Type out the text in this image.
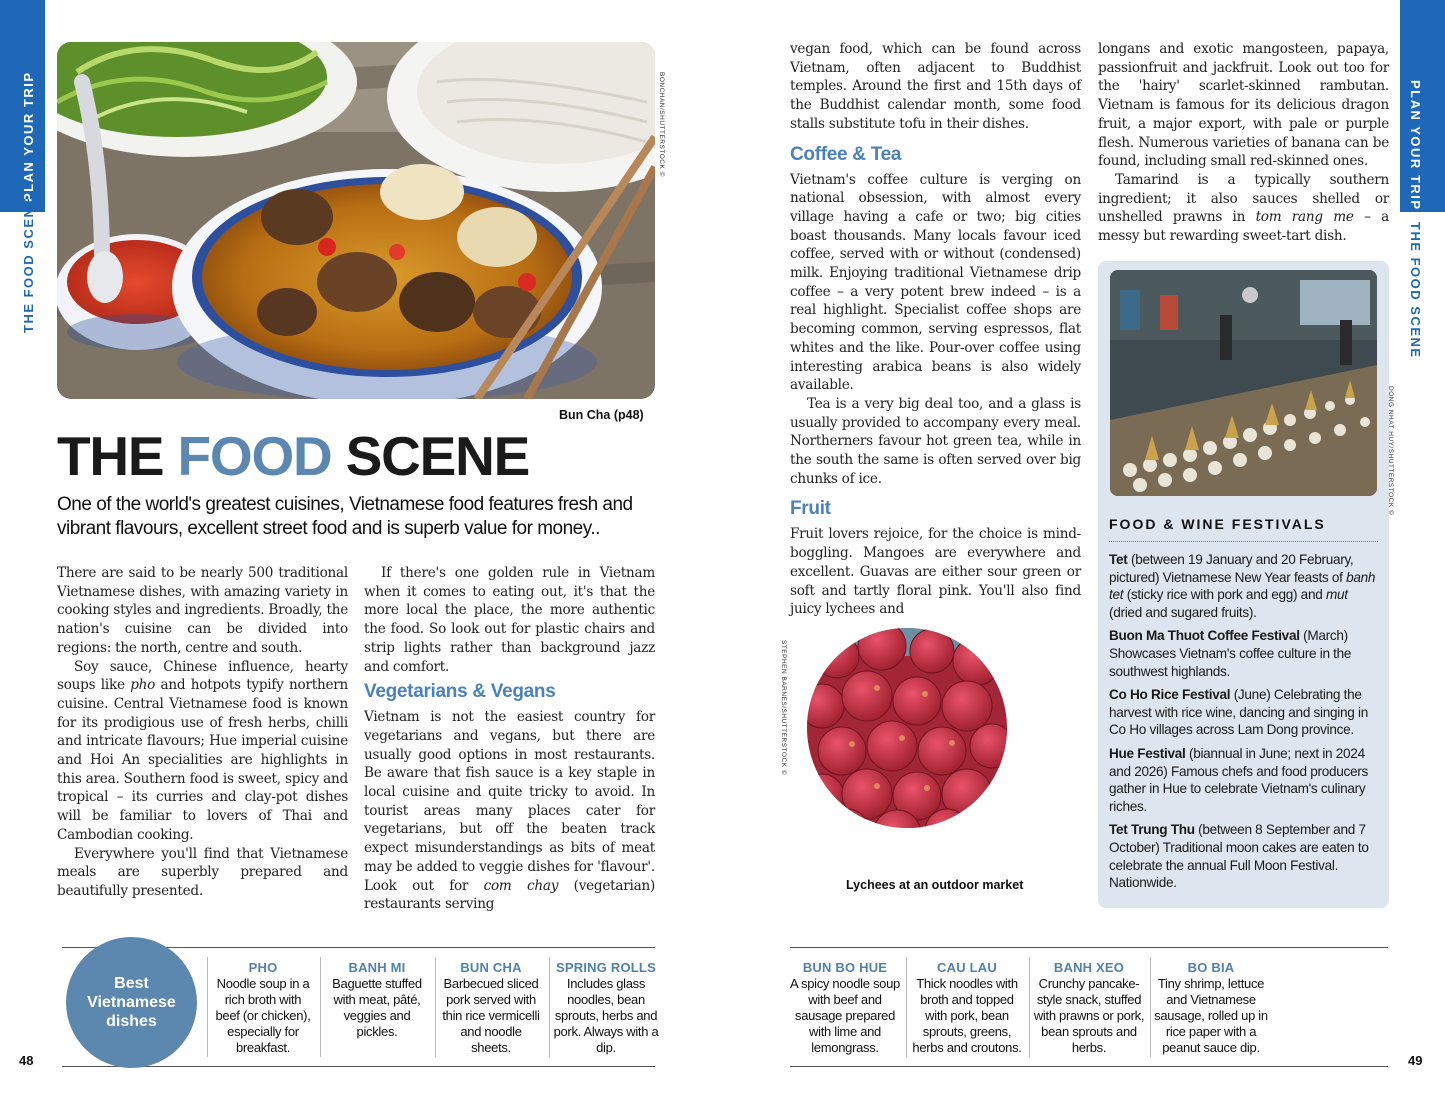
PLAN YOUR TRIP
THE FOOD SCENE
PLAN YOUR TRIP
THE FOOD SCENE
BONCHAN/SHUTTERSTOCK ©
Bun Cha (p48)
THE FOOD SCENE
One of the world's greatest cuisines, Vietnamese food features fresh and vibrant flavours, excellent street food and is superb value for money..

There are said to be nearly 500 traditional Vietnamese dishes, with amazing variety in cooking styles and ingredients. Broadly, the nation's cuisine can be divided into regions: the north, centre and south.

Soy sauce, Chinese influence, hearty soups like pho and hotpots typify northern cuisine. Central Vietnamese food is known for its prodigious use of fresh herbs, chilli and intricate flavours; Hue imperial cuisine and Hoi An specialities are highlights in this area. Southern food is sweet, spicy and tropical – its curries and clay-pot dishes will be familiar to lovers of Thai and Cambodian cooking.

Everywhere you'll find that Vietnamese meals are superbly prepared and beautifully presented.

If there's one golden rule in Vietnam when it comes to eating out, it's that the more local the place, the more authentic the food. So look out for plastic chairs and strip lights rather than background jazz and comfort.

Vegetarians & Vegans

Vietnam is not the easiest country for vegetarians and vegans, but there are usually good options in most restaurants. Be aware that fish sauce is a key staple in local cuisine and quite tricky to avoid. In tourist areas many places cater for vegetarians, but off the beaten track expect misunderstandings as bits of meat may be added to veggie dishes for 'flavour'. Look out for com chay (vegetarian) restaurants serving

vegan food, which can be found across Vietnam, often adjacent to Buddhist temples. Around the first and 15th days of the Buddhist calendar month, some food stalls substitute tofu in their dishes.

Coffee & Tea

Vietnam's coffee culture is verging on national obsession, with almost every village having a cafe or two; big cities boast thousands. Many locals favour iced coffee, served with or without (condensed) milk. Enjoying traditional Vietnamese drip coffee – a very potent brew indeed – is a real highlight. Specialist coffee shops are becoming common, serving espressos, flat whites and the like. Pour-over coffee using interesting arabica beans is also widely available.

Tea is a very big deal too, and a glass is usually provided to accompany every meal. Northerners favour hot green tea, while in the south the same is often served over big chunks of ice.

Fruit

Fruit lovers rejoice, for the choice is mind-boggling. Mangoes are everywhere and excellent. Guavas are either sour green or soft and tartly floral pink. You'll also find juicy lychees and

longans and exotic mangosteen, papaya, passionfruit and jackfruit. Look out too for the 'hairy' scarlet-skinned rambutan. Vietnam is famous for its delicious dragon fruit, a major export, with pale or purple flesh. Numerous varieties of banana can be found, including small red-skinned ones.

Tamarind is a typically southern ingredient; it also sauces shelled or unshelled prawns in tom rang me – a messy but rewarding sweet-tart dish.

STEPHEN BARNES/SHUTTERSTOCK ©
Lychees at an outdoor market
DONG NHAT HUY/SHUTTERSTOCK ©
FOOD & WINE FESTIVALS
Tet (between 19 January and 20 February, pictured) Vietnamese New Year feasts of banh tet (sticky rice with pork and egg) and mut (dried and sugared fruits).
Buon Ma Thuot Coffee Festival (March) Showcases Vietnam's coffee culture in the southwest highlands.
Co Ho Rice Festival (June) Celebrating the harvest with rice wine, dancing and singing in Co Ho villages across Lam Dong province.
Hue Festival (biannual in June; next in 2024 and 2026) Famous chefs and food producers gather in Hue to celebrate Vietnam's culinary riches.
Tet Trung Thu (between 8 September and 7 October) Traditional moon cakes are eaten to celebrate the annual Full Moon Festival. Nationwide.
Best Vietnamese dishes
PHO
Noodle soup in a rich broth with beef (or chicken), especially for breakfast.
BANH MI
Baguette stuffed with meat, pâté, veggies and pickles.
BUN CHA
Barbecued sliced pork served with thin rice vermicelli and noodle sheets.
SPRING ROLLS
Includes glass noodles, bean sprouts, herbs and pork. Always with a dip.
BUN BO HUE
A spicy noodle soup with beef and sausage prepared with lime and lemongrass.
CAU LAU
Thick noodles with broth and topped with pork, bean sprouts, greens, herbs and croutons.
BANH XEO
Crunchy pancake-style snack, stuffed with prawns or pork, bean sprouts and herbs.
BO BIA
Tiny shrimp, lettuce and Vietnamese sausage, rolled up in rice paper with a peanut sauce dip.
48	49
